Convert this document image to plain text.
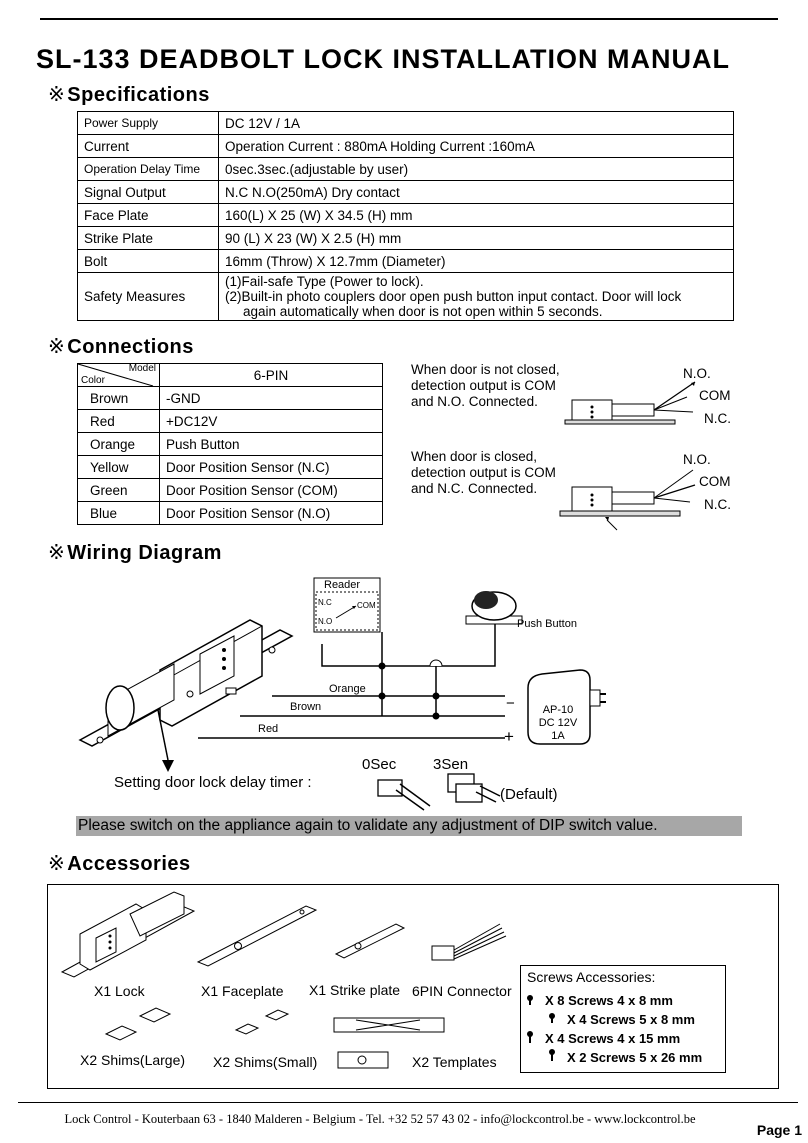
SL-133 DEADBOLT LOCK INSTALLATION MANUAL
※ Specifications
Power Supply	DC 12V / 1A
Current	Operation Current : 880mA Holding Current :160mA
Operation Delay Time	0sec.3sec.(adjustable by user)
Signal Output	N.C N.O(250mA) Dry contact
Face Plate	160(L) X 25 (W) X 34.5 (H) mm
Strike Plate	90 (L) X 23 (W) X 2.5 (H) mm
Bolt	16mm (Throw) X 12.7mm (Diameter)
Safety Measures	(1)Fail-safe Type (Power to lock).
(2)Built-in photo couplers door open push button input contact. Door will lock
again automatically when door is not open within 5 seconds.
※ Connections
Model
Color	6-PIN
Brown	-GND
Red	+DC12V
Orange	Push Button
Yellow	Door Position Sensor (N.C)
Green	Door Position Sensor (COM)
Blue	Door Position Sensor (N.O)
When door is not closed,
detection output is COM
and N.O. Connected.
When door is closed,
detection output is COM
and N.C. Connected.
N.O.
COM
N.C.
N.O.
COM
N.C.
※ Wiring Diagram
Reader
N.C	COM
N.O	Push Button
Orange
Brown
Red
−
+
AP-10
DC 12V
1A
Setting door lock delay timer :
0Sec 3Sen
(Default)
Please switch on the appliance again to validate any adjustment of DIP switch value.
※ Accessories
X1 Lock	X1 Faceplate X1 Strike plate 6PIN Connector
X2 Shims(Large) X2 Shims(Small)	X2 Templates
Screws Accessories:
X 8 Screws 4 x 8 mm
X 4 Screws 5 x 8 mm
X 4 Screws 4 x 15 mm
X 2 Screws 5 x 26 mm
Lock Control - Kouterbaan 63 - 1840 Malderen - Belgium - Tel. +32 52 57 43 02 - info@lockcontrol.be - www.lockcontrol.be
Page 1
